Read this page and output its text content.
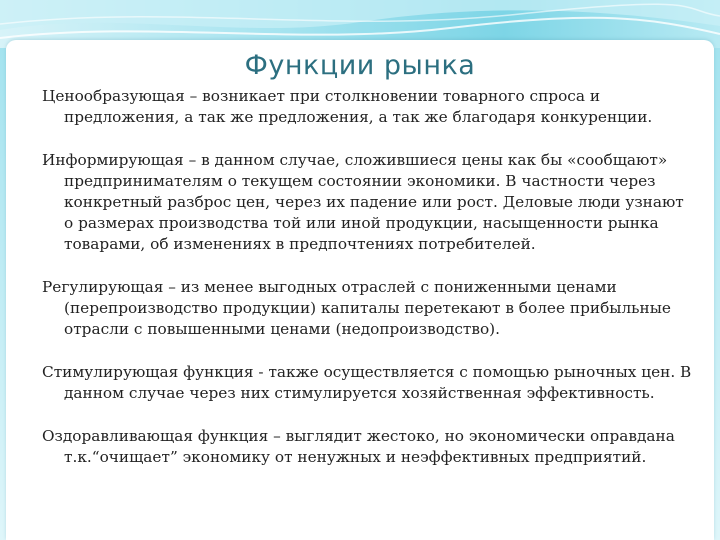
Функции рынка

Ценообразующая – возникает при столкновении товарного спроса и предложения, а так же предложения, а так же благодаря конкуренции.

Информирующая – в данном случае, сложившиеся цены как бы «сообщают» предпринимателям о текущем состоянии экономики. В частности через конкретный разброс цен, через их падение или рост. Деловые люди узнают о размерах производства той или иной продукции, насыщенности рынка товарами, об изменениях в предпочтениях потребителей.

Регулирующая – из менее выгодных отраслей с пониженными ценами (перепроизводство продукции) капиталы перетекают в более прибыльные отрасли с повышенными ценами (недопроизводство).

Стимулирующая функция - также осуществляется с помощью рыночных цен. В данном случае через них стимулируется хозяйственная эффективность.

Оздоравливающая функция – выглядит жестоко, но экономически оправдана т.к.“очищает” экономику от ненужных и неэффективных предприятий.
